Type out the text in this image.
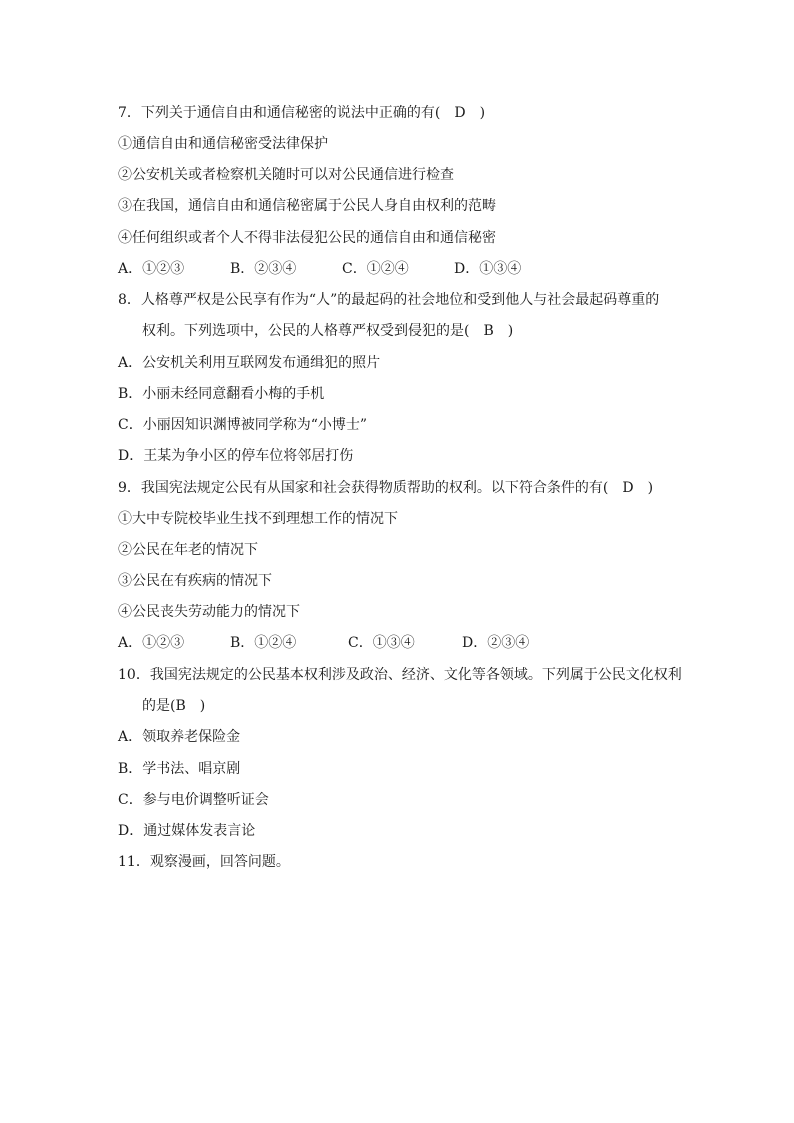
7．下列关于通信自由和通信秘密的说法中正确的有(　D　)
①通信自由和通信秘密受法律保护
②公安机关或者检察机关随时可以对公民通信进行检查
③在我国，通信自由和通信秘密属于公民人身自由权利的范畴
④任何组织或者个人不得非法侵犯公民的通信自由和通信秘密
A．①②③	B．②③④	C．①②④	D．①③④
8．人格尊严权是公民享有作为“人”的最起码的社会地位和受到他人与社会最起码尊重的
权利。下列选项中，公民的人格尊严权受到侵犯的是(　B　)
A．公安机关利用互联网发布通缉犯的照片
B．小丽未经同意翻看小梅的手机
C．小丽因知识渊博被同学称为“小博士”
D．王某为争小区的停车位将邻居打伤
9．我国宪法规定公民有从国家和社会获得物质帮助的权利。以下符合条件的有(　D　)
①大中专院校毕业生找不到理想工作的情况下
②公民在年老的情况下
③公民在有疾病的情况下
④公民丧失劳动能力的情况下
A．①②③	B．①②④	C．①③④	D．②③④
10．我国宪法规定的公民基本权利涉及政治、经济、文化等各领域。下列属于公民文化权利
的是(B　)
A．领取养老保险金
B．学书法、唱京剧
C．参与电价调整听证会
D．通过媒体发表言论
11．观察漫画，回答问题。
